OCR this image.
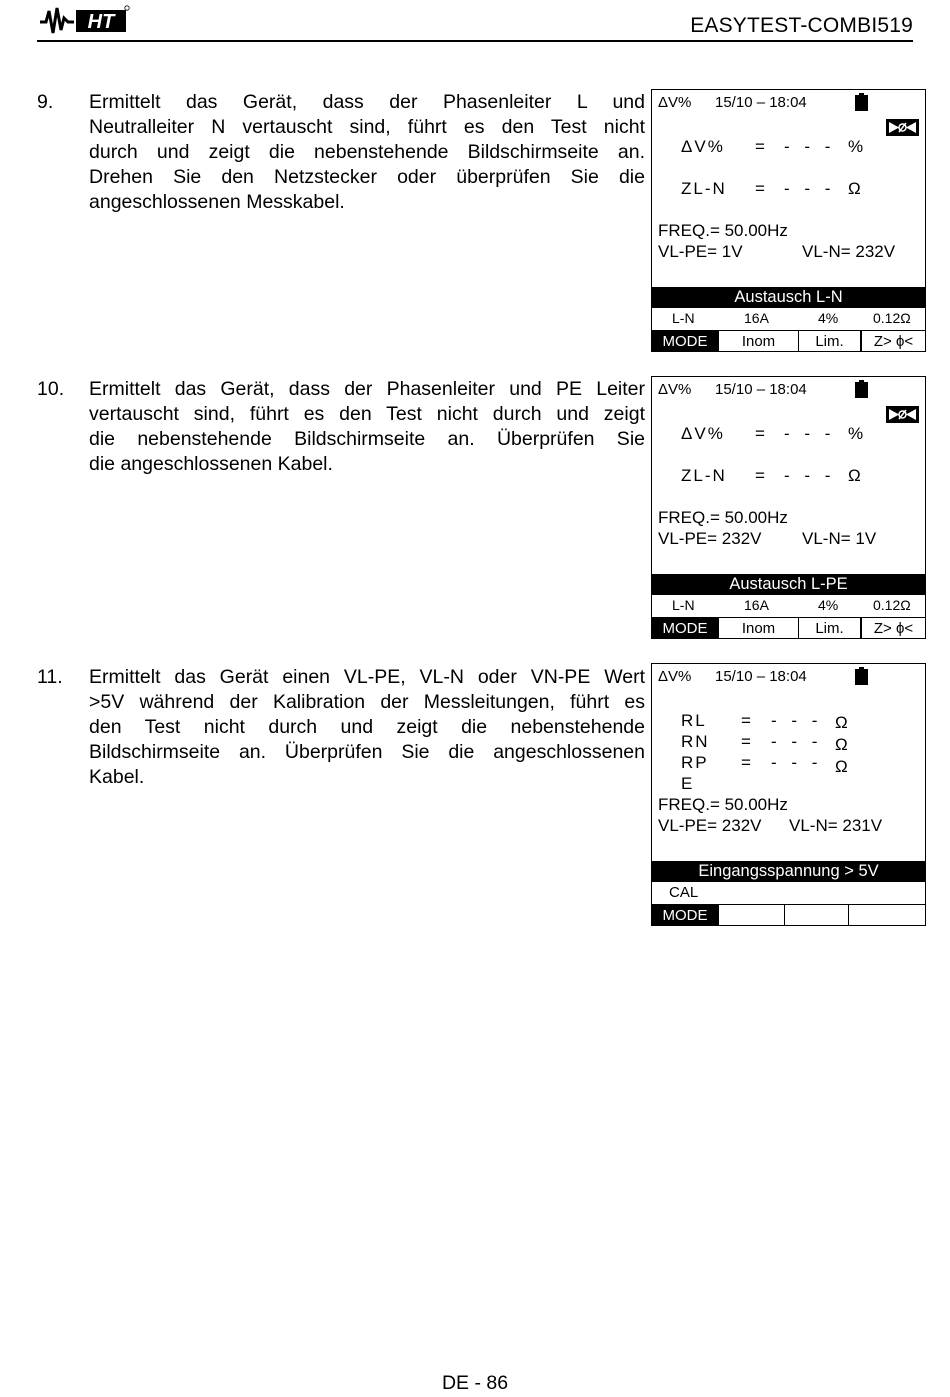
HT	EASYTEST-COMBI519
9. Ermittelt das Gerät, dass der Phasenleiter L und
Neutralleiter N vertauscht sind, führt es den Test nicht
durch und zeigt die nebenstehende Bildschirmseite an.
Drehen Sie den Netzstecker oder überprüfen Sie die
angeschlossenen Messkabel.
ΔV% 15/10 – 18:04
ΔV% = - - - %
ZL-N = - - - Ω
FREQ.= 50.00Hz
VL-PE= 1V	VL-N= 232V
Austausch L-N
L-N	16A	4% 0.12Ω
MODE	Inom	Lim.	Z> ϕ<
10. Ermittelt das Gerät, dass der Phasenleiter und PE Leiter
vertauscht sind, führt es den Test nicht durch und zeigt
die nebenstehende Bildschirmseite an. Überprüfen Sie
die angeschlossenen Kabel.
ΔV% 15/10 – 18:04
ΔV% = - - - %
ZL-N = - - - Ω
FREQ.= 50.00Hz
VL-PE= 232V VL-N= 1V
Austausch L-PE
L-N	16A	4% 0.12Ω
MODE	Inom	Lim.	Z> ϕ<
11. Ermittelt das Gerät einen VL-PE, VL-N oder VN-PE Wert
>5V während der Kalibration der Messleitungen, führt es
den Test nicht durch und zeigt die nebenstehende
Bildschirmseite an. Überprüfen Sie die angeschlossenen
Kabel.
ΔV% 15/10 – 18:04
RL = - - - Ω
RN = - - - Ω
RP = - - - Ω
E
FREQ.= 50.00Hz
VL-PE= 232V VL-N= 231V
Eingangsspannung > 5V
CAL
MODE
DE - 86
